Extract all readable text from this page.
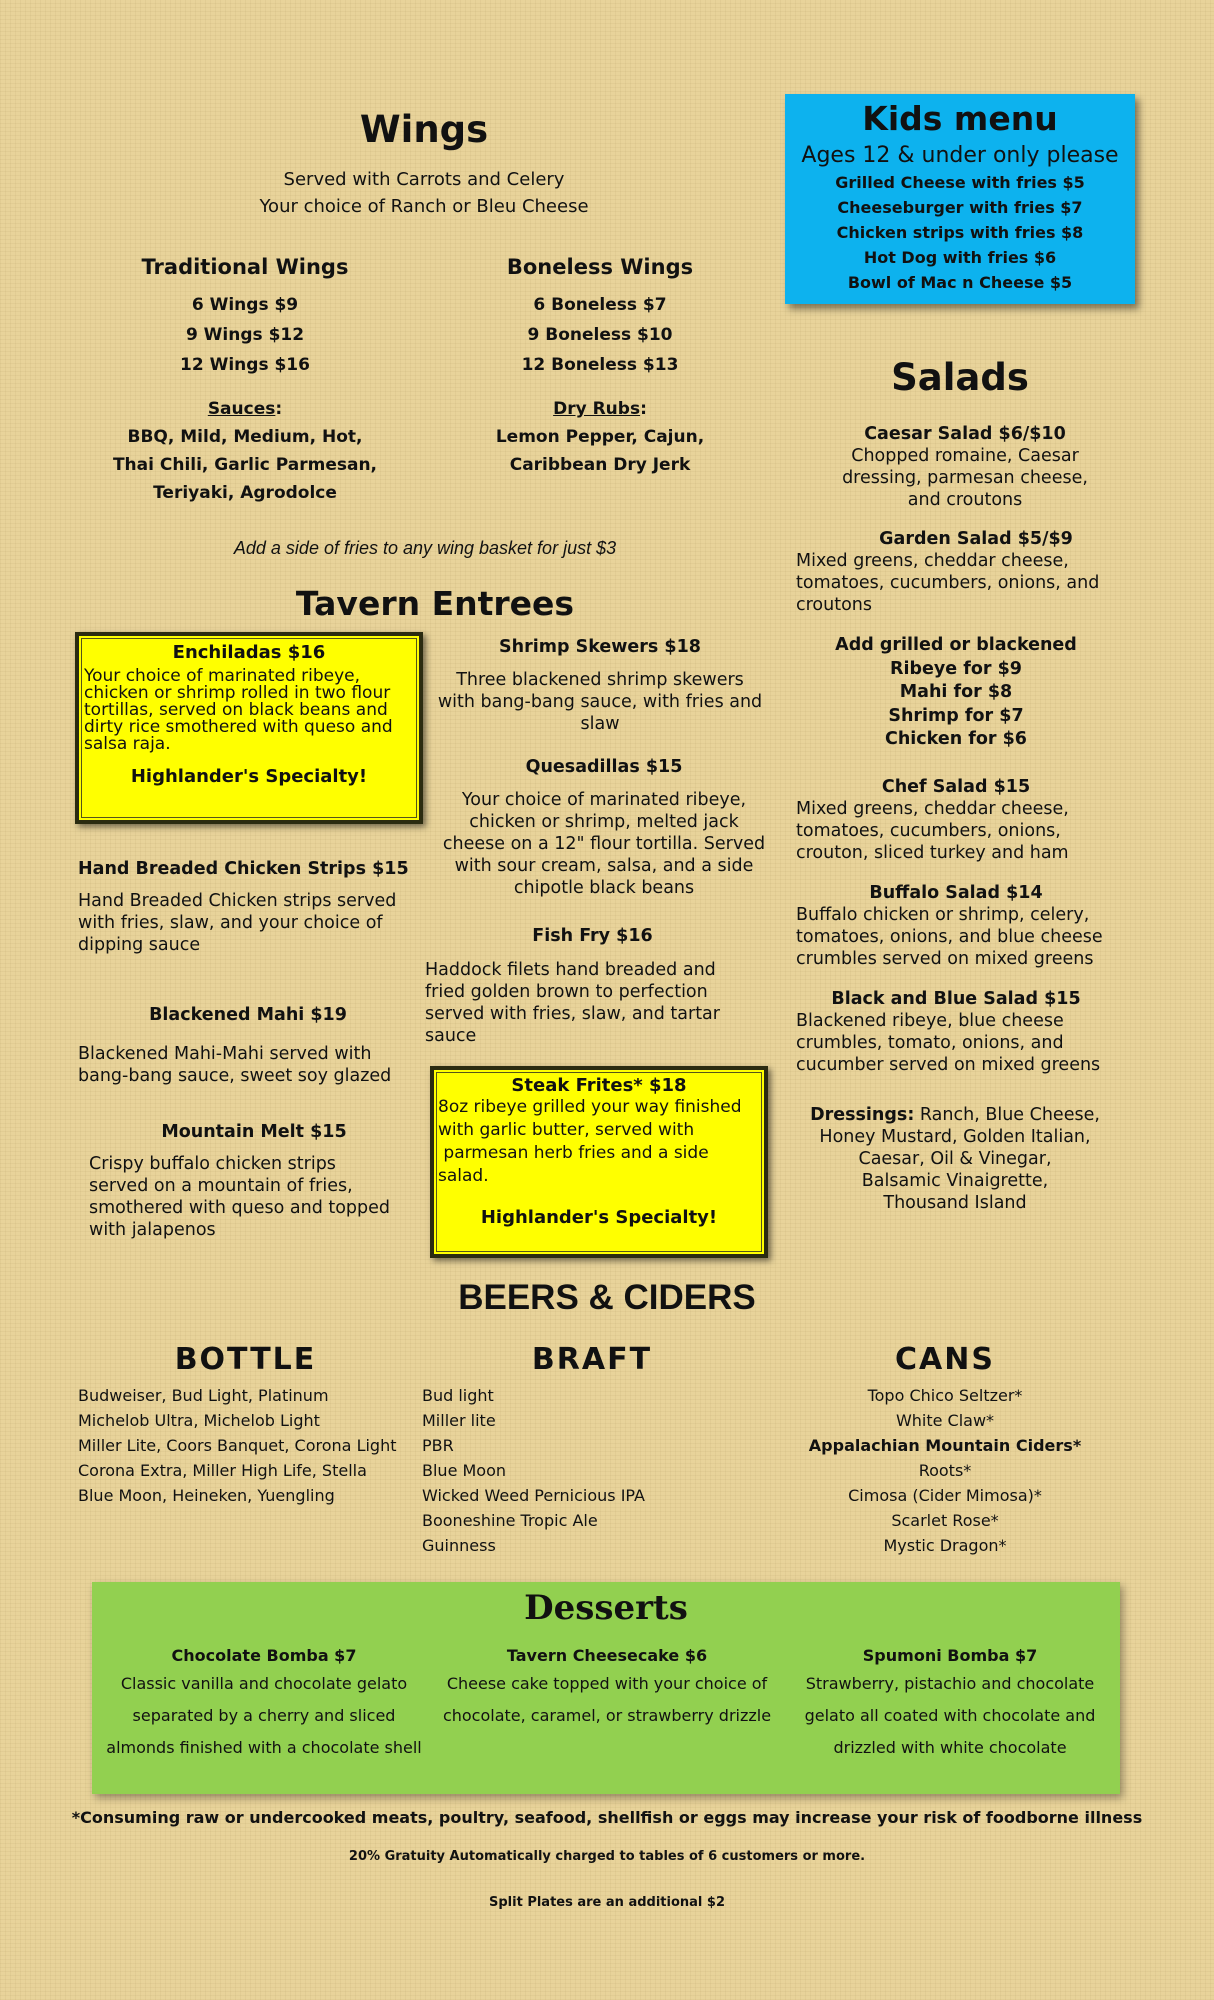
Wings
Served with Carrots and Celery
Your choice of Ranch or Bleu Cheese
Traditional Wings
6 Wings $9
9 Wings $12
12 Wings $16
Sauces:
BBQ, Mild, Medium, Hot,
Thai Chili, Garlic Parmesan,
Teriyaki, Agrodolce
Boneless Wings
6 Boneless $7
9 Boneless $10
12 Boneless $13
Dry Rubs:
Lemon Pepper, Cajun,
Caribbean Dry Jerk
Add a side of fries to any wing basket for just $3
Kids menu
Ages 12 & under only please
Grilled Cheese with fries $5
Cheeseburger with fries $7
Chicken strips with fries $8
Hot Dog with fries $6
Bowl of Mac n Cheese $5
Salads
Caesar Salad $6/$10
Chopped romaine, Caesar
dressing, parmesan cheese,
and croutons
Garden Salad $5/$9
Mixed greens, cheddar cheese,
tomatoes, cucumbers, onions, and
croutons
Add grilled or blackened
Ribeye for $9
Mahi for $8
Shrimp for $7
Chicken for $6
Chef Salad $15
Mixed greens, cheddar cheese,
tomatoes, cucumbers, onions,
crouton, sliced turkey and ham
Buffalo Salad $14
Buffalo chicken or shrimp, celery,
tomatoes, onions, and blue cheese
crumbles served on mixed greens
Black and Blue Salad $15
Blackened ribeye, blue cheese
crumbles, tomato, onions, and
cucumber served on mixed greens
Dressings: Ranch, Blue Cheese,
Honey Mustard, Golden Italian,
Caesar, Oil & Vinegar,
Balsamic Vinaigrette,
Thousand Island
Tavern Entrees
Enchiladas $16
Your choice of marinated ribeye,
chicken or shrimp rolled in two flour
tortillas, served on black beans and
dirty rice smothered with queso and
salsa raja.
Highlander's Specialty!
Hand Breaded Chicken Strips $15
Hand Breaded Chicken strips served
with fries, slaw, and your choice of
dipping sauce
Blackened Mahi $19
Blackened Mahi-Mahi served with
bang-bang sauce, sweet soy glazed
Mountain Melt $15
Crispy buffalo chicken strips
served on a mountain of fries,
smothered with queso and topped
with jalapenos
Shrimp Skewers $18
Three blackened shrimp skewers
with bang-bang sauce, with fries and
slaw
Quesadillas $15
Your choice of marinated ribeye,
chicken or shrimp, melted jack
cheese on a 12" flour tortilla. Served
with sour cream, salsa, and a side
chipotle black beans
Fish Fry $16
Haddock filets hand breaded and
fried golden brown to perfection
served with fries, slaw, and tartar
sauce
Steak Frites* $18
8oz ribeye grilled your way finished
with garlic butter, served with
parmesan herb fries and a side
salad.
Highlander's Specialty!
BEERS & CIDERS
BOTTLE
Budweiser, Bud Light, Platinum
Michelob Ultra, Michelob Light
Miller Lite, Coors Banquet, Corona Light
Corona Extra, Miller High Life, Stella
Blue Moon, Heineken, Yuengling
BRAFT
Bud light
Miller lite
PBR
Blue Moon
Wicked Weed Pernicious IPA
Booneshine Tropic Ale
Guinness
CANS
Topo Chico Seltzer*
White Claw*
Appalachian Mountain Ciders*
Roots*
Cimosa (Cider Mimosa)*
Scarlet Rose*
Mystic Dragon*
Desserts
Chocolate Bomba $7
Classic vanilla and chocolate gelato
separated by a cherry and sliced
almonds finished with a chocolate shell
Tavern Cheesecake $6
Cheese cake topped with your choice of
chocolate, caramel, or strawberry drizzle
Spumoni Bomba $7
Strawberry, pistachio and chocolate
gelato all coated with chocolate and
drizzled with white chocolate
*Consuming raw or undercooked meats, poultry, seafood, shellfish or eggs may increase your risk of foodborne illness
20% Gratuity Automatically charged to tables of 6 customers or more.
Split Plates are an additional $2
